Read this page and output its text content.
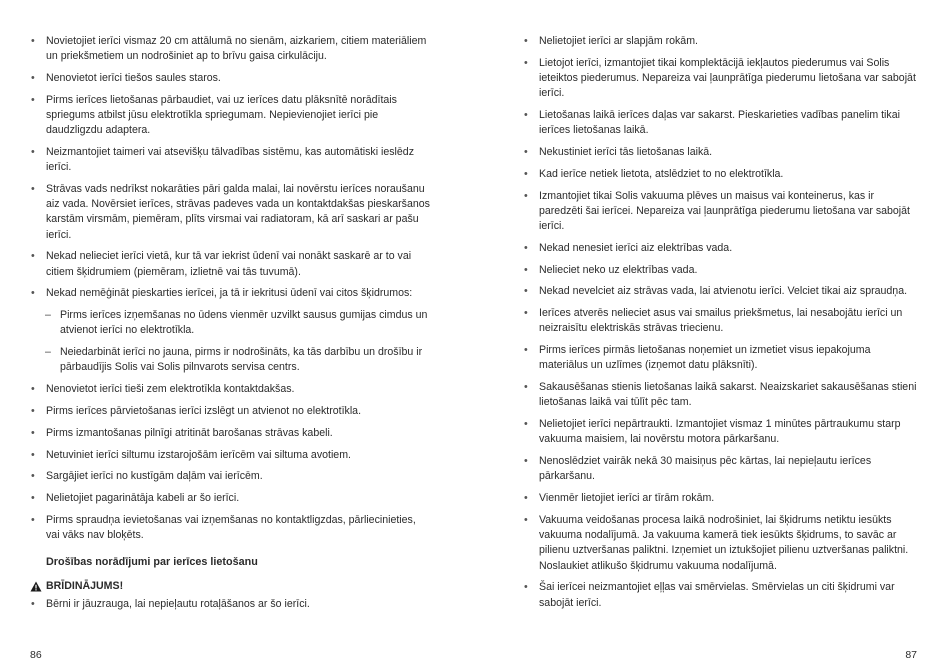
• Novietojiet ierīci vismaz 20 cm attālumā no sienām, aizkariem, citiem materiāliem un priekšmetiem un nodrošiniet ap to brīvu gaisa cirkulāciju.
• Nenovietot ierīci tiešos saules staros.
• Pirms ierīces lietošanas pārbaudiet, vai uz ierīces datu plāksnītē norādītais spriegums atbilst jūsu elektrotīkla spriegumam. Nepievienojiet ierīci pie daudzligzdu adaptera.
• Neizmantojiet taimeri vai atsevišķu tālvadības sistēmu, kas automātiski ieslēdz ierīci.
• Strāvas vads nedrīkst nokarāties pāri galda malai, lai novērstu ierīces noraušanu aiz vada. Novērsiet ierīces, strāvas padeves vada un kontaktdakšas pieskaršanos karstām virsmām, piemēram, plīts virsmai vai radiatoram, kā arī saskari ar pašu ierīci.
• Nekad nelieciet ierīci vietā, kur tā var iekrist ūdenī vai nonākt saskarē ar to vai citiem šķidrumiem (piemēram, izlietnē vai tās tuvumā).
• Nekad nemēģināt pieskarties ierīcei, ja tā ir iekritusi ūdenī vai citos šķidrumos:
– Pirms ierīces izņemšanas no ūdens vienmēr uzvilkt sausus gumijas cimdus un atvienot ierīci no elektrotīkla.
– Neiedarbināt ierīci no jauna, pirms ir nodrošināts, ka tās darbību un drošību ir pārbaudījis Solis vai Solis pilnvarots servisa centrs.
• Nenovietot ierīci tieši zem elektrotīkla kontaktdakšas.
• Pirms ierīces pārvietošanas ierīci izslēgt un atvienot no elektrotīkla.
• Pirms izmantošanas pilnīgi atritināt barošanas strāvas kabeli.
• Netuviniet ierīci siltumu izstarojošām ierīcēm vai siltuma avotiem.
• Sargājiet ierīci no kustīgām daļām vai ierīcēm.
• Nelietojiet pagarinātāja kabeli ar šo ierīci.
• Pirms spraudņa ievietošanas vai izņemšanas no kontaktligzdas, pārliecinieties, vai vāks nav bloķēts.
Drošības norādījumi par ierīces lietošanu
BRĪDINĀJUMS!
• Bērni ir jāuzrauga, lai nepieļautu rotaļāšanos ar šo ierīci.
• Nelietojiet ierīci ar slapjām rokām.
• Lietojot ierīci, izmantojiet tikai komplektācijā iekļautos piederumus vai Solis ieteiktos piederumus. Nepareiza vai ļaunprātīga piederumu lietošana var sabojāt ierīci.
• Lietošanas laikā ierīces daļas var sakarst. Pieskarieties vadības panelim tikai ierīces lietošanas laikā.
• Nekustiniet ierīci tās lietošanas laikā.
• Kad ierīce netiek lietota, atslēdziet to no elektrotīkla.
• Izmantojiet tikai Solis vakuuma plēves un maisus vai konteinerus, kas ir paredzēti šai ierīcei. Nepareiza vai ļaunprātīga piederumu lietošana var sabojāt ierīci.
• Nekad nenesiet ierīci aiz elektrības vada.
• Nelieciet neko uz elektrības vada.
• Nekad nevelciet aiz strāvas vada, lai atvienotu ierīci. Velciet tikai aiz spraudņa.
• Ierīces atverēs nelieciet asus vai smailus priekšmetus, lai nesabojātu ierīci un neizraisītu elektriskās strāvas triecienu.
• Pirms ierīces pirmās lietošanas noņemiet un izmetiet visus iepakojuma materiālus un uzlīmes (izņemot datu plāksnīti).
• Sakausēšanas stienis lietošanas laikā sakarst. Neaizskariet sakausēšanas stieni lietošanas laikā vai tūlīt pēc tam.
• Nelietojiet ierīci nepārtraukti. Izmantojiet vismaz 1 minūtes pārtraukumu starp vakuuma maisiem, lai novērstu motora pārkaršanu.
• Nenoslēdziet vairāk nekā 30 maisiņus pēc kārtas, lai nepieļautu ierīces pārkaršanu.
• Vienmēr lietojiet ierīci ar tīrām rokām.
• Vakuuma veidošanas procesa laikā nodrošiniet, lai šķidrums netiktu iesūkts vakuuma nodalījumā. Ja vakuuma kamerā tiek iesūkts šķidrums, to savāc ar pilienu uztveršanas paliktni. Izņemiet un iztukšojiet pilienu uztveršanas paliktni. Noslaukiet atlikušo šķidrumu vakuuma nodalījumā.
• Šai ierīcei neizmantojiet eļļas vai smērvielas. Smērvielas un citi šķidrumi var sabojāt ierīci.
86	87
